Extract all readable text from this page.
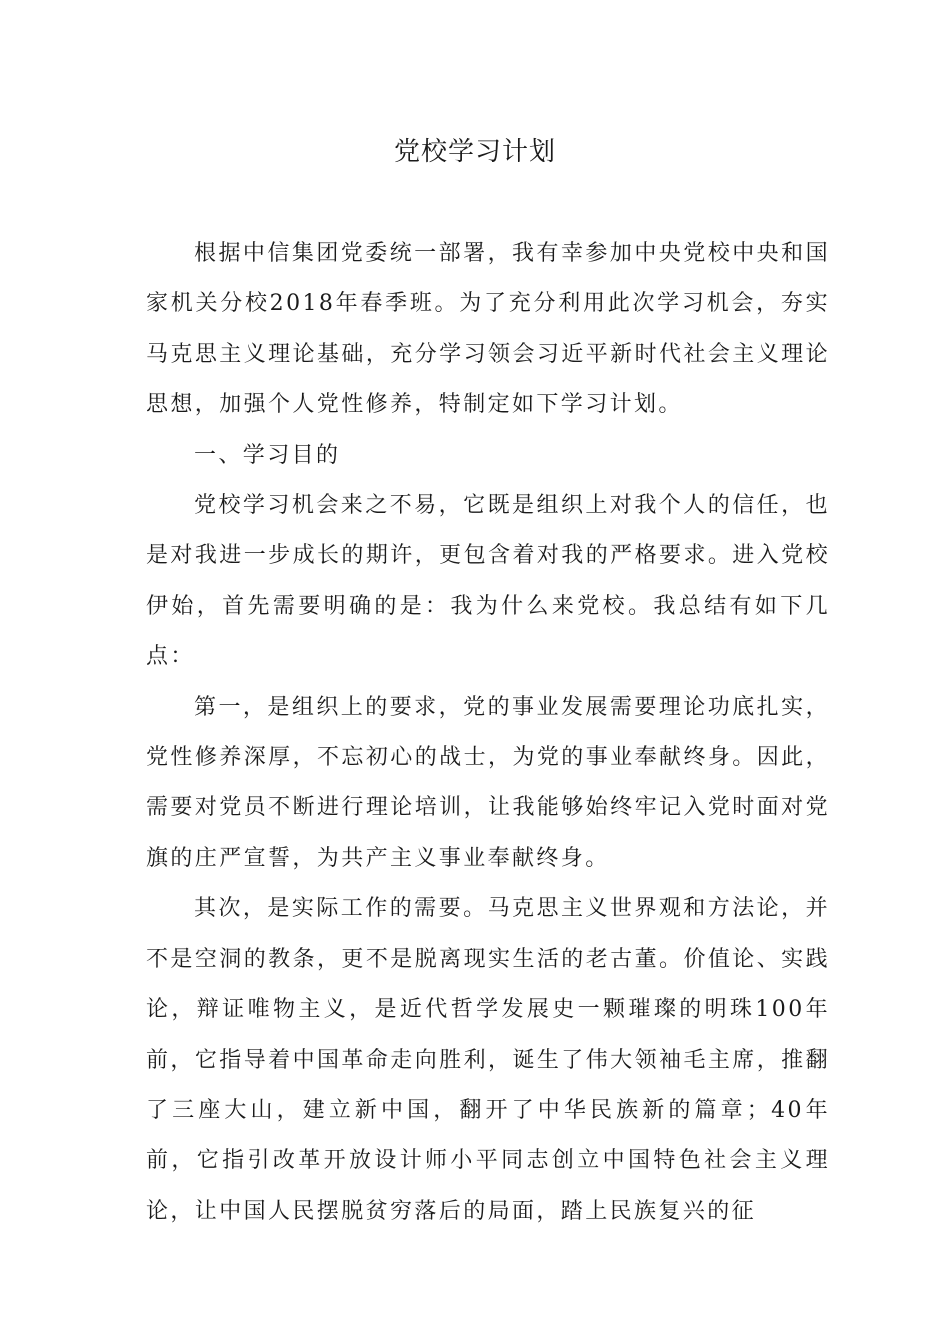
党校学习计划

根据中信集团党委统一部署，我有幸参加中央党校中央和国家机关分校2018年春季班。为了充分利用此次学习机会，夯实马克思主义理论基础，充分学习领会习近平新时代社会主义理论思想，加强个人党性修养，特制定如下学习计划。

一、学习目的

党校学习机会来之不易，它既是组织上对我个人的信任，也是对我进一步成长的期许，更包含着对我的严格要求。进入党校伊始，首先需要明确的是：我为什么来党校。我总结有如下几点：

第一，是组织上的要求，党的事业发展需要理论功底扎实，党性修养深厚，不忘初心的战士，为党的事业奉献终身。因此，需要对党员不断进行理论培训，让我能够始终牢记入党时面对党旗的庄严宣誓，为共产主义事业奉献终身。

其次，是实际工作的需要。马克思主义世界观和方法论，并不是空洞的教条，更不是脱离现实生活的老古董。价值论、实践论，辩证唯物主义，是近代哲学发展史一颗璀璨的明珠100年前，它指导着中国革命走向胜利，诞生了伟大领袖毛主席，推翻了三座大山，建立新中国，翻开了中华民族新的篇章；40年前，它指引改革开放设计师小平同志创立中国特色社会主义理论，让中国人民摆脱贫穷落后的局面，踏上民族复兴的征
